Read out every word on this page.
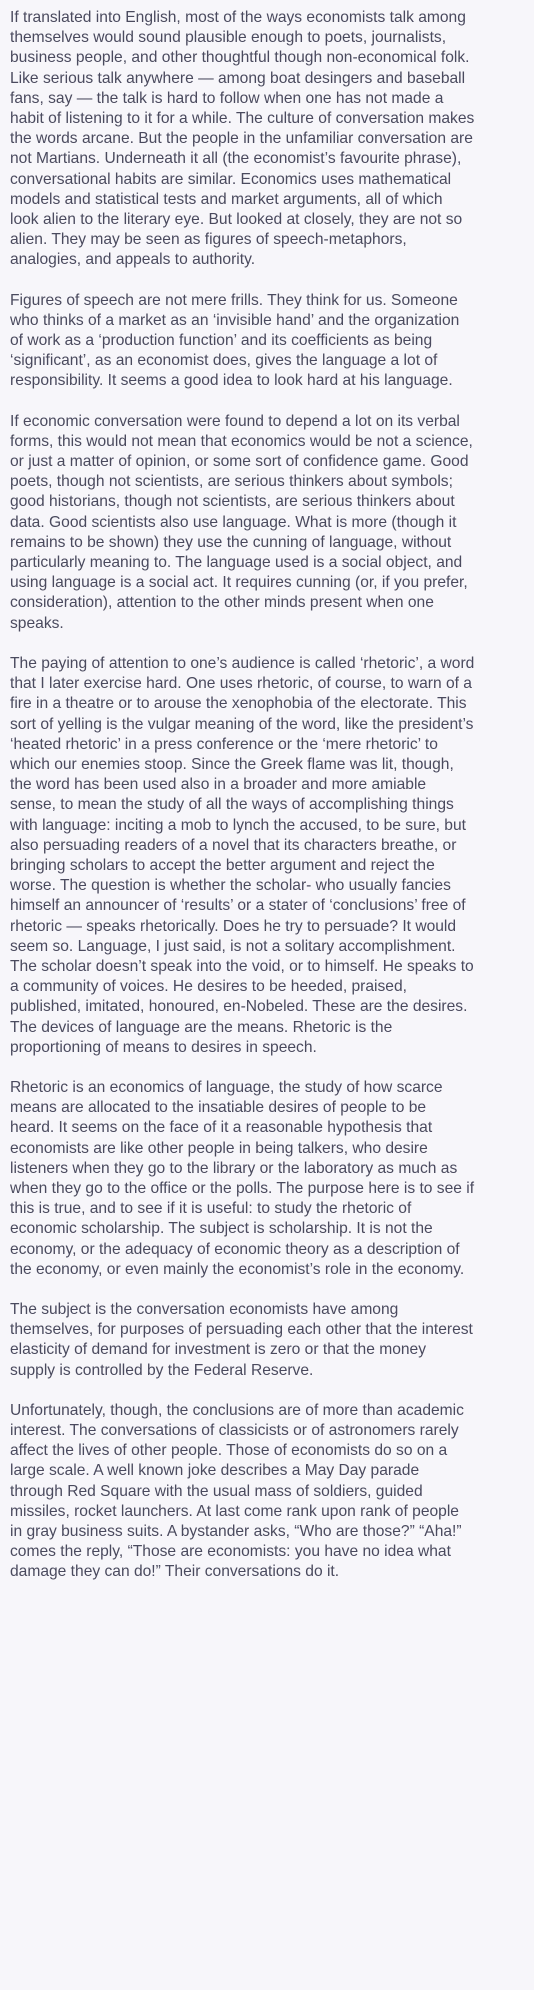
If translated into English, most of the ways economists talk among
themselves would sound plausible enough to poets, journalists,
business people, and other thoughtful though non-economical folk.
Like serious talk anywhere — among boat desingers and baseball
fans, say — the talk is hard to follow when one has not made a
habit of listening to it for a while. The culture of conversation makes
the words arcane. But the people in the unfamiliar conversation are
not Martians. Underneath it all (the economist’s favourite phrase),
conversational habits are similar. Economics uses mathematical
models and statistical tests and market arguments, all of which
look alien to the literary eye. But looked at closely, they are not so
alien. They may be seen as figures of speech-metaphors,
analogies, and appeals to authority.

Figures of speech are not mere frills. They think for us. Someone
who thinks of a market as an ‘invisible hand’ and the organization
of work as a ‘production function’ and its coefficients as being
‘significant’, as an economist does, gives the language a lot of
responsibility. It seems a good idea to look hard at his language.

If economic conversation were found to depend a lot on its verbal
forms, this would not mean that economics would be not a science,
or just a matter of opinion, or some sort of confidence game. Good
poets, though not scientists, are serious thinkers about symbols;
good historians, though not scientists, are serious thinkers about
data. Good scientists also use language. What is more (though it
remains to be shown) they use the cunning of language, without
particularly meaning to. The language used is a social object, and
using language is a social act. It requires cunning (or, if you prefer,
consideration), attention to the other minds present when one
speaks.

The paying of attention to one’s audience is called ‘rhetoric’, a word
that I later exercise hard. One uses rhetoric, of course, to warn of a
fire in a theatre or to arouse the xenophobia of the electorate. This
sort of yelling is the vulgar meaning of the word, like the president’s
‘heated rhetoric’ in a press conference or the ‘mere rhetoric’ to
which our enemies stoop. Since the Greek flame was lit, though,
the word has been used also in a broader and more amiable
sense, to mean the study of all the ways of accomplishing things
with language: inciting a mob to lynch the accused, to be sure, but
also persuading readers of a novel that its characters breathe, or
bringing scholars to accept the better argument and reject the
worse. The question is whether the scholar- who usually fancies
himself an announcer of ‘results’ or a stater of ‘conclusions’ free of
rhetoric — speaks rhetorically. Does he try to persuade? It would
seem so. Language, I just said, is not a solitary accomplishment.
The scholar doesn’t speak into the void, or to himself. He speaks to
a community of voices. He desires to be heeded, praised,
published, imitated, honoured, en-Nobeled. These are the desires.
The devices of language are the means. Rhetoric is the
proportioning of means to desires in speech.

Rhetoric is an economics of language, the study of how scarce
means are allocated to the insatiable desires of people to be
heard. It seems on the face of it a reasonable hypothesis that
economists are like other people in being talkers, who desire
listeners when they go to the library or the laboratory as much as
when they go to the office or the polls. The purpose here is to see if
this is true, and to see if it is useful: to study the rhetoric of
economic scholarship. The subject is scholarship. It is not the
economy, or the adequacy of economic theory as a description of
the economy, or even mainly the economist’s role in the economy.

The subject is the conversation economists have among
themselves, for purposes of persuading each other that the interest
elasticity of demand for investment is zero or that the money
supply is controlled by the Federal Reserve.

Unfortunately, though, the conclusions are of more than academic
interest. The conversations of classicists or of astronomers rarely
affect the lives of other people. Those of economists do so on a
large scale. A well known joke describes a May Day parade
through Red Square with the usual mass of soldiers, guided
missiles, rocket launchers. At last come rank upon rank of people
in gray business suits. A bystander asks, “Who are those?” “Aha!”
comes the reply, “Those are economists: you have no idea what
damage they can do!” Their conversations do it.
